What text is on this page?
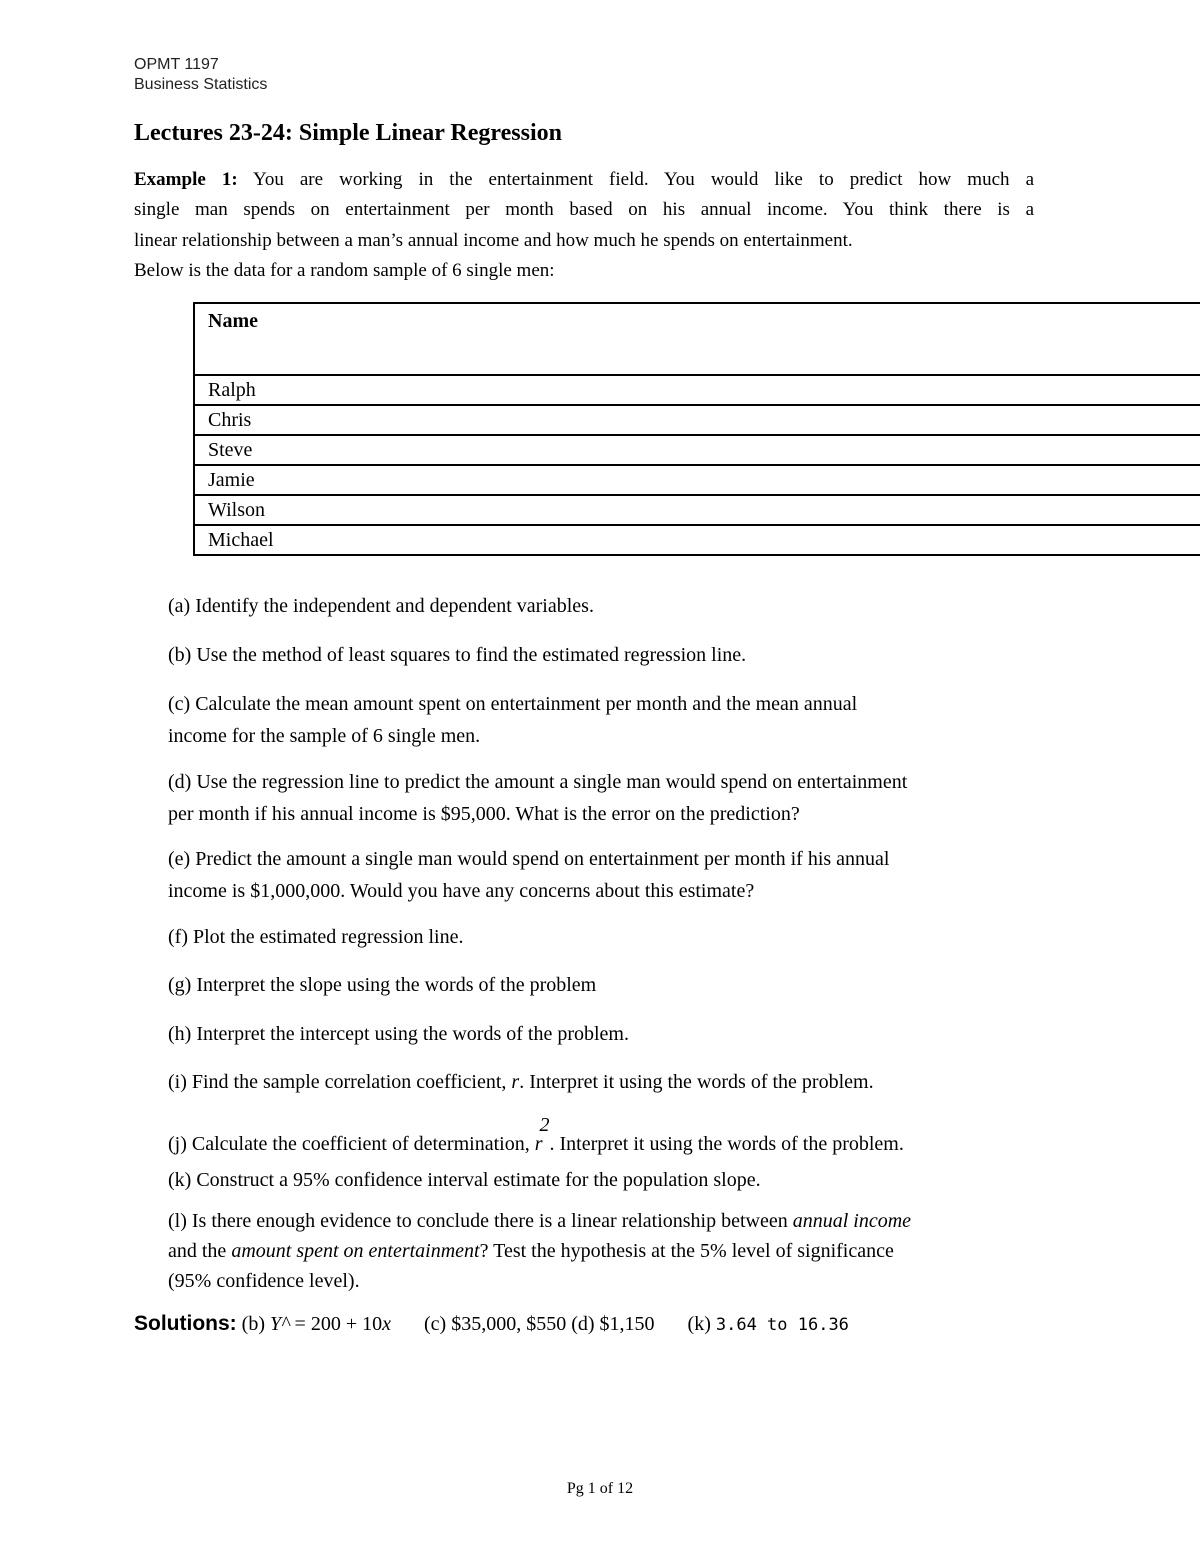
OPMT 1197
Business Statistics
Lectures 23-24: Simple Linear Regression
Example 1: You are working in the entertainment field. You would like to predict how much a
single man spends on entertainment per month based on his annual income. You think there is a
linear relationship between a man’s annual income and how much he spends on entertainment.
Below is the data for a random sample of 6 single men:
Name
Ralph
Chris
Steve
Jamie
Wilson
Michael
(a) Identify the independent and dependent variables.
(b) Use the method of least squares to find the estimated regression line.
(c) Calculate the mean amount spent on entertainment per month and the mean annual
income for the sample of 6 single men.
(d) Use the regression line to predict the amount a single man would spend on entertainment
per month if his annual income is $95,000. What is the error on the prediction?
(e) Predict the amount a single man would spend on entertainment per month if his annual
income is $1,000,000. Would you have any concerns about this estimate?
(f) Plot the estimated regression line.
(g) Interpret the slope using the words of the problem
(h) Interpret the intercept using the words of the problem.
(i) Find the sample correlation coefficient, r. Interpret it using the words of the problem.
(j) Calculate the coefficient of determination, r2. Interpret it using the words of the problem.
(k) Construct a 95% confidence interval estimate for the population slope.
(l) Is there enough evidence to conclude there is a linear relationship between annual income
and the amount spent on entertainment? Test the hypothesis at the 5% level of significance
(95% confidence level).
Solutions: (b) Y^ = 200 + 10x (c) $35,000, $550 (d) $1,150 (k) 3.64 to 16.36
Pg 1 of 12
